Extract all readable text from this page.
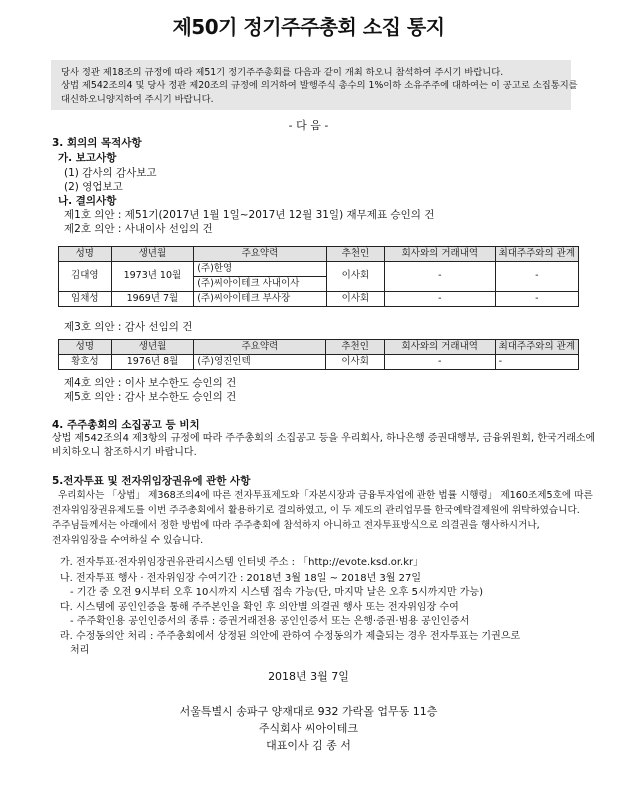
제50기 정기주주총회 소집 통지
당사 정관 제18조의 규정에 따라 제51기 정기주주총회를 다음과 같이 개최 하오니 참석하여 주시기 바랍니다.
상법 제542조의4 및 당사 정관 제20조의 규정에 의거하여 발행주식 총수의 1%이하 소유주주에 대하여는 이 공고로 소집통지를
대신하오니양지하여 주시기 바랍니다.
- 다 음 -
3. 회의의 목적사항
가. 보고사항
(1) 감사의 감사보고
(2) 영업보고
나. 결의사항
제1호 의안 : 제51기(2017년 1월 1일~2017년 12월 31일) 재무제표 승인의 건
제2호 의안 : 사내이사 선임의 건
성명	생년월	주요약력	추천인	회사와의 거래내역	최대주주와의 관계
김대영	1973년 10월	(주)한영	이사회	-	-
		(주)씨아이테크 사내이사			
임채성	1969년 7월	(주)씨아이테크 부사장	이사회	-	-
제3호 의안 : 감사 선임의 건
성명	생년월	주요약력	추천인	회사와의 거래내역	최대주주와의 관계
황호성	1976년 8월	(주)영진인텍	이사회	-	-
제4호 의안 : 이사 보수한도 승인의 건
제5호 의안 : 감사 보수한도 승인의 건
4. 주주총회의 소집공고 등 비치
상법 제542조의4 제3항의 규정에 따라 주주총회의 소집공고 등을 우리회사, 하나은행 증권대행부, 금융위원회, 한국거래소에
비치하오니 참조하시기 바랍니다.
5.전자투표 및 전자위임장권유에 관한 사항
우리회사는 「상법」 제368조의4에 따른 전자투표제도와「자본시장과 금융투자업에 관한 법률 시행령」 제160조제5호에 따른
전자위임장권유제도를 이번 주주총회에서 활용하기로 결의하였고, 이 두 제도의 관리업무를 한국예탁결제원에 위탁하였습니다.
주주님들께서는 아래에서 정한 방법에 따라 주주총회에 참석하지 아니하고 전자투표방식으로 의결권을 행사하시거나,
전자위임장을 수여하실 수 있습니다.
가. 전자투표·전자위임장권유관리시스템 인터넷 주소 : 「http://evote.ksd.or.kr」
나. 전자투표 행사 · 전자위임장 수여기간 : 2018년 3월 18일 ~ 2018년 3월 27일
- 기간 중 오전 9시부터 오후 10시까지 시스템 접속 가능(단, 마지막 날은 오후 5시까지만 가능)
다. 시스템에 공인인증을 통해 주주본인을 확인 후 의안별 의결권 행사 또는 전자위임장 수여
- 주주확인용 공인인증서의 종류 : 증권거래전용 공인인증서 또는 은행·증권·범용 공인인증서
라. 수정동의안 처리 : 주주총회에서 상정된 의안에 관하여 수정동의가 제출되는 경우 전자투표는 기권으로
처리
2018년 3월 7일
서울특별시 송파구 양재대로 932 가락몰 업무동 11층
주식회사 씨아이테크
대표이사 김 종 서
